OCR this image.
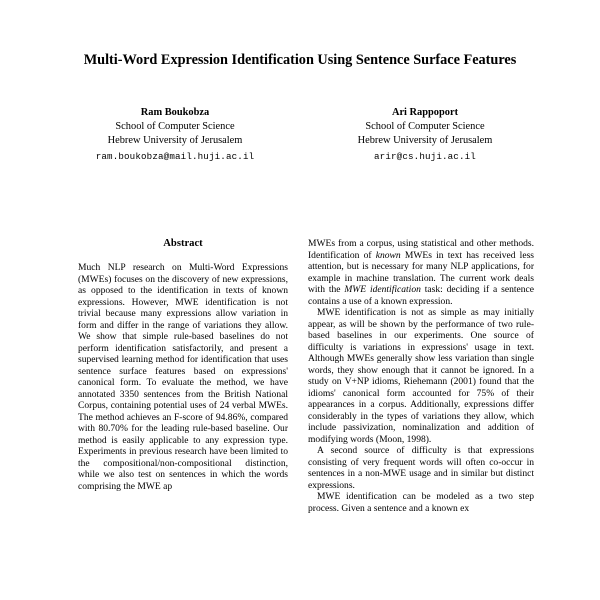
Multi-Word Expression Identification Using Sentence Surface Features
Ram Boukobza
School of Computer Science
Hebrew University of Jerusalem
ram.boukobza@mail.huji.ac.il
Ari Rappoport
School of Computer Science
Hebrew University of Jerusalem
arir@cs.huji.ac.il
Abstract

Much NLP research on Multi-Word Expressions (MWEs) focuses on the discovery of new expressions, as opposed to the identification in texts of known expressions. However, MWE identification is not trivial because many expressions allow variation in form and differ in the range of variations they allow. We show that simple rule-based baselines do not perform identification satisfactorily, and present a supervised learning method for identification that uses sentence surface features based on expressions' canonical form. To evaluate the method, we have annotated 3350 sentences from the British National Corpus, containing potential uses of 24 verbal MWEs. The method achieves an F-score of 94.86%, compared with 80.70% for the leading rule-based baseline. Our method is easily applicable to any expression type. Experiments in previous research have been limited to the compositional/non-compositional distinction, while we also test on sentences in which the words comprising the MWE ap

MWEs from a corpus, using statistical and other methods. Identification of known MWEs in text has received less attention, but is necessary for many NLP applications, for example in machine translation. The current work deals with the MWE identification task: deciding if a sentence contains a use of a known expression.

MWE identification is not as simple as may initially appear, as will be shown by the performance of two rule-based baselines in our experiments. One source of difficulty is variations in expressions' usage in text. Although MWEs generally show less variation than single words, they show enough that it cannot be ignored. In a study on V+NP idioms, Riehemann (2001) found that the idioms' canonical form accounted for 75% of their appearances in a corpus. Additionally, expressions differ considerably in the types of variations they allow, which include passivization, nominalization and addition of modifying words (Moon, 1998).

A second source of difficulty is that expressions consisting of very frequent words will often co-occur in sentences in a non-MWE usage and in similar but distinct expressions.

MWE identification can be modeled as a two step process. Given a sentence and a known ex
